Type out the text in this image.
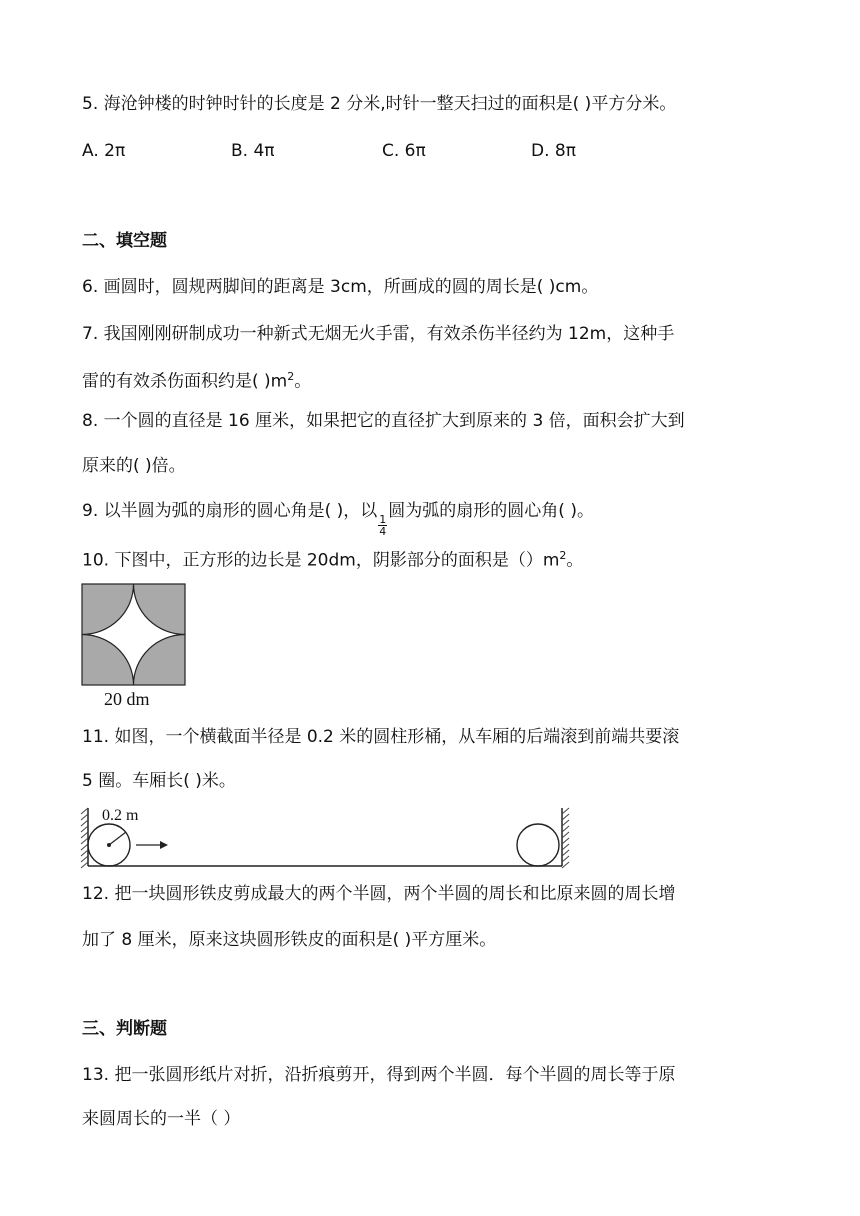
5. 海沧钟楼的时钟时针的长度是 2 分米,时针一整天扫过的面积是( )平方分米。
A. 2π	B. 4π	C. 6π	D. 8π
二、填空题
6. 画圆时，圆规两脚间的距离是 3cm，所画成的圆的周长是( )cm。
7. 我国刚刚研制成功一种新式无烟无火手雷，有效杀伤半径约为 12m，这种手
雷的有效杀伤面积约是( )$m^2$。
8. 一个圆的直径是 16 厘米，如果把它的直径扩大到原来的 3 倍，面积会扩大到
原来的( )倍。
9. 以半圆为弧的扇形的圆心角是( )，以
$\frac{1}{4}$
圆为弧的扇形的圆心角( )。
10. 下图中，正方形的边长是 20dm，阴影部分的面积是$()m^2$。
20 dm
11. 如图，一个横截面半径是 0.2 米的圆柱形桶，从车厢的后端滚到前端共要滚
5 圈。车厢长( )米。
0.2 m
12. 把一块圆形铁皮剪成最大的两个半圆，两个半圆的周长和比原来圆的周长增
加了 8 厘米，原来这块圆形铁皮的面积是( )平方厘米。
三、判断题
13. 把一张圆形纸片对折，沿折痕剪开，得到两个半圆．每个半圆的周长等于原
来圆周长的一半（ ）
